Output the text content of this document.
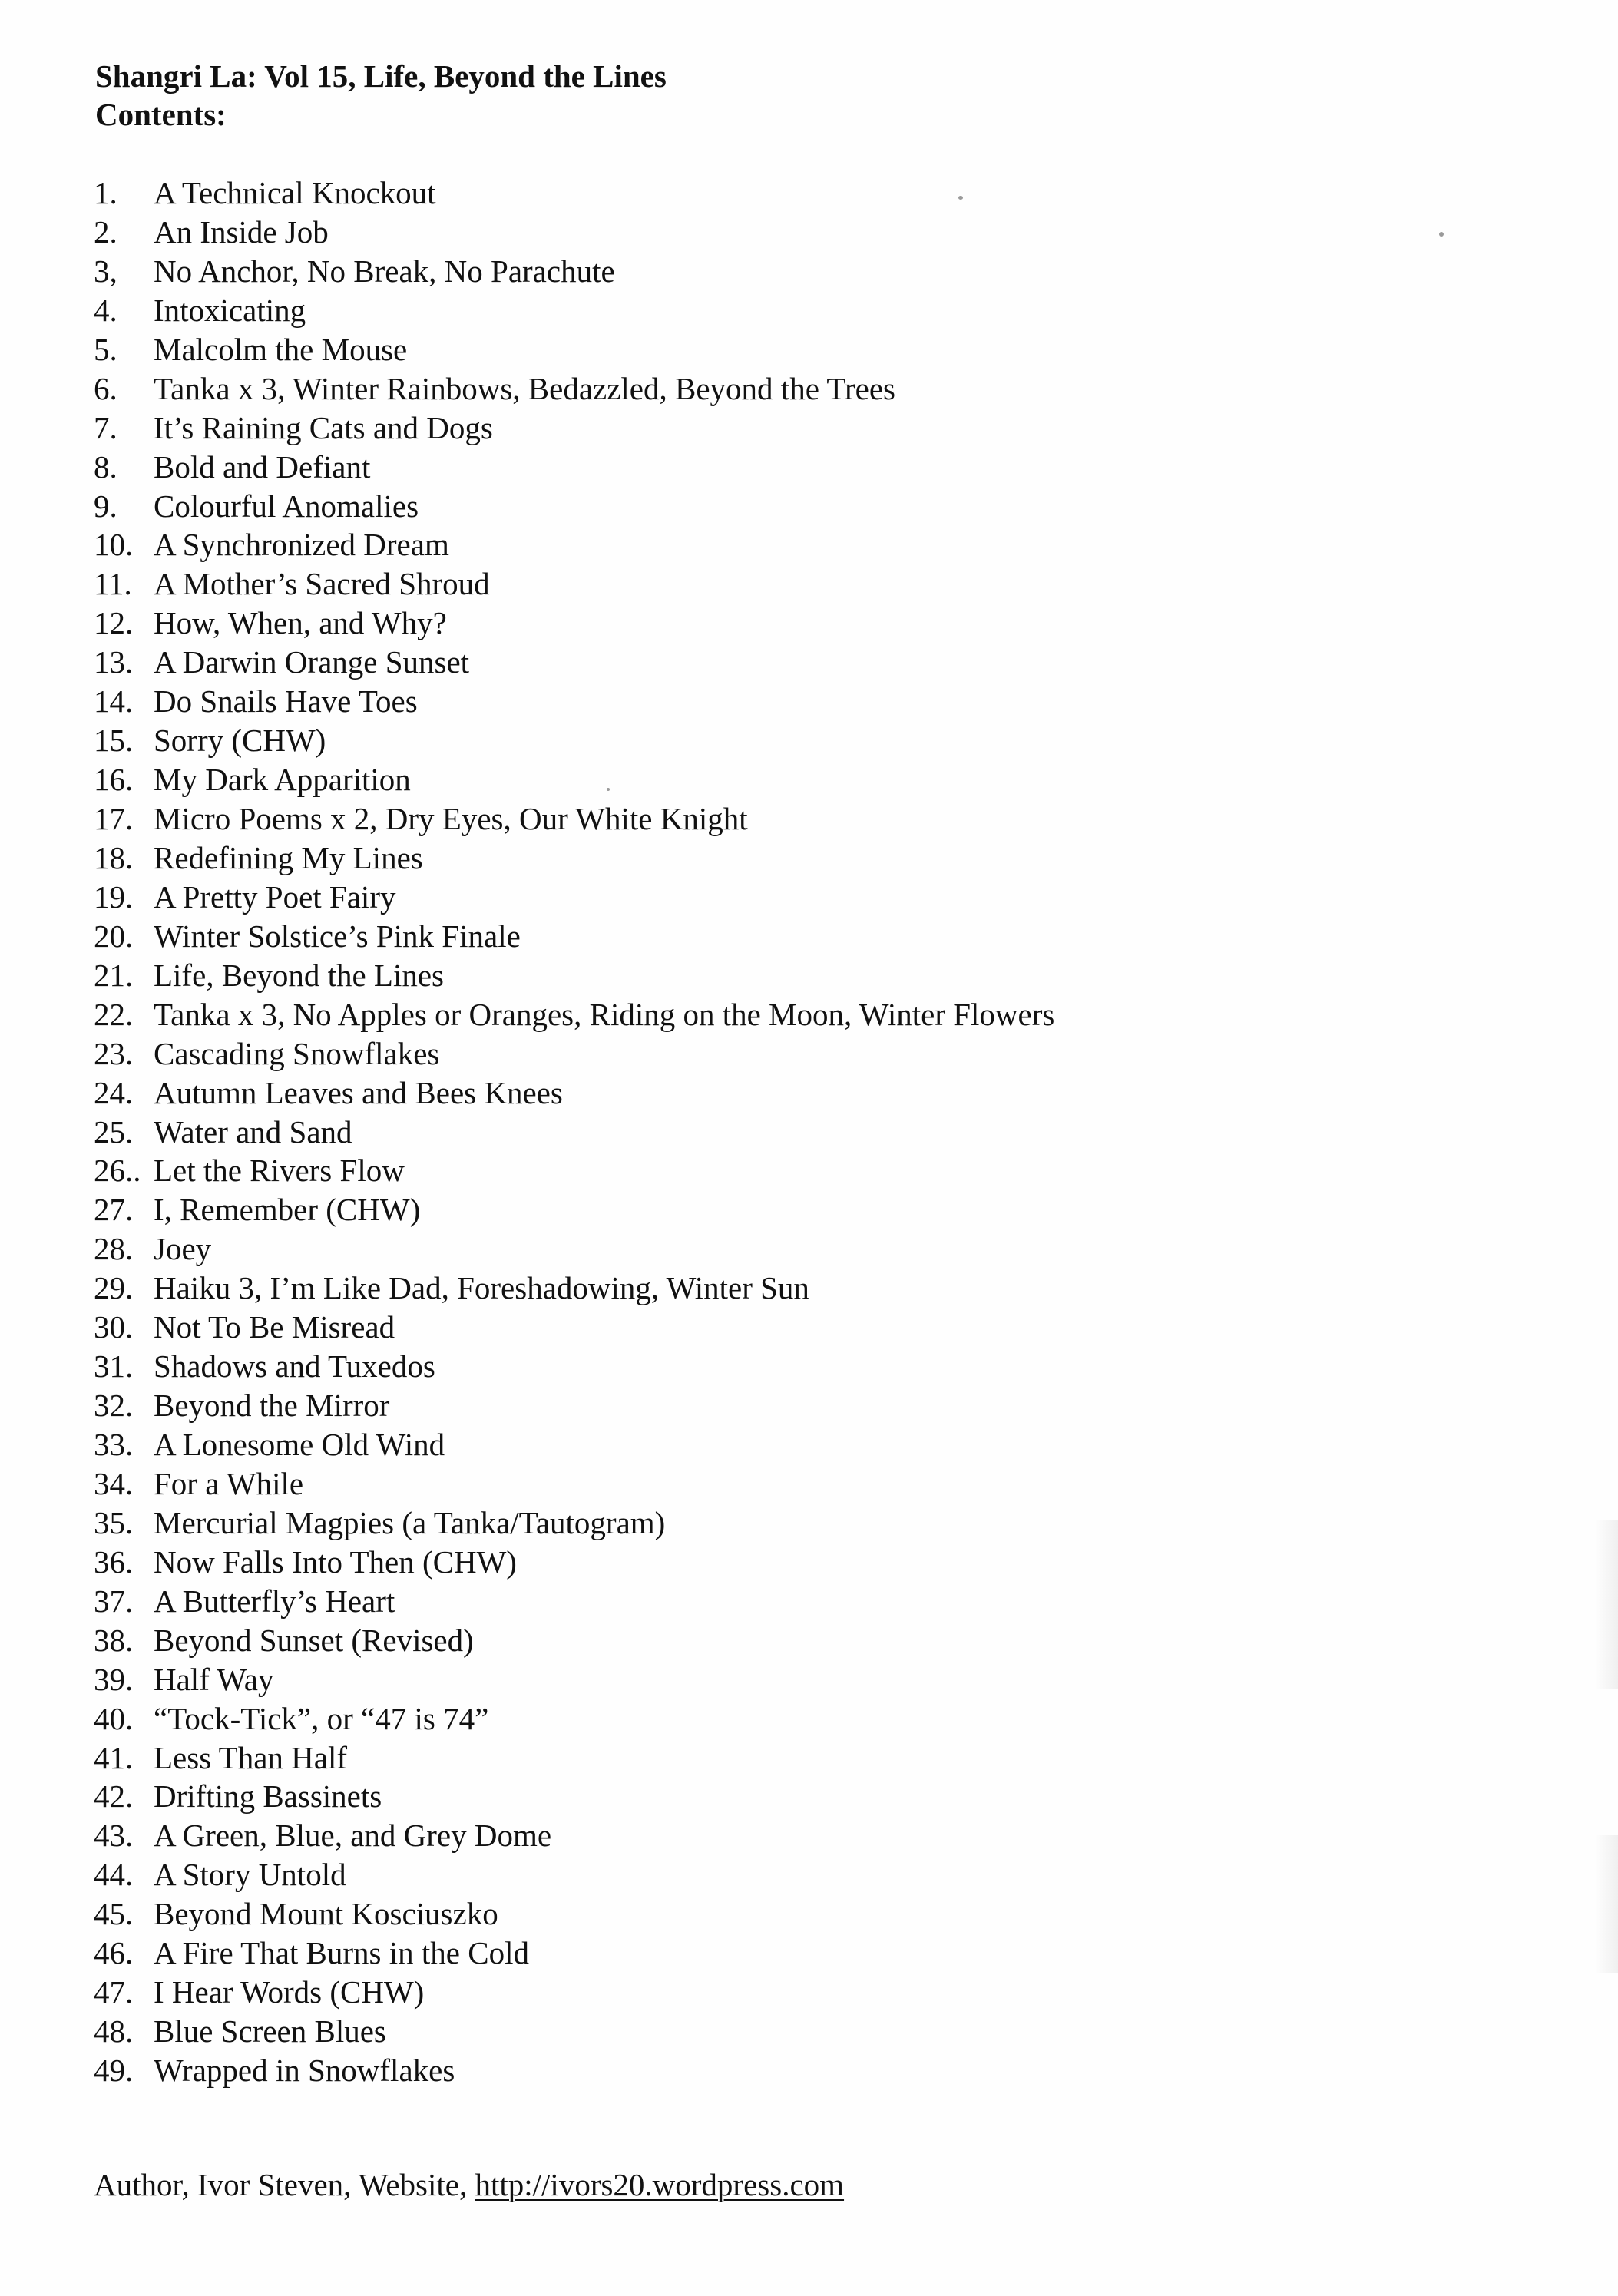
Shangri La: Vol 15, Life, Beyond the Lines
Contents:
1.	A Technical Knockout
2.	An Inside Job
3,	No Anchor, No Break, No Parachute
4.	Intoxicating
5.	Malcolm the Mouse
6.	Tanka x 3, Winter Rainbows, Bedazzled, Beyond the Trees
7.	It’s Raining Cats and Dogs
8.	Bold and Defiant
9.	Colourful Anomalies
10. A Synchronized Dream
11. A Mother’s Sacred Shroud
12. How, When, and Why?
13. A Darwin Orange Sunset
14. Do Snails Have Toes
15. Sorry (CHW)
16. My Dark Apparition
17. Micro Poems x 2, Dry Eyes, Our White Knight
18. Redefining My Lines
19. A Pretty Poet Fairy
20. Winter Solstice’s Pink Finale
21. Life, Beyond the Lines
22. Tanka x 3, No Apples or Oranges, Riding on the Moon, Winter Flowers
23. Cascading Snowflakes
24. Autumn Leaves and Bees Knees
25. Water and Sand
26.. Let the Rivers Flow
27. I, Remember (CHW)
28. Joey
29. Haiku 3, I’m Like Dad, Foreshadowing, Winter Sun
30. Not To Be Misread
31. Shadows and Tuxedos
32. Beyond the Mirror
33. A Lonesome Old Wind
34. For a While
35. Mercurial Magpies (a Tanka/Tautogram)
36. Now Falls Into Then (CHW)
37. A Butterfly’s Heart
38. Beyond Sunset (Revised)
39. Half Way
40. “Tock-Tick”, or “47 is 74”
41. Less Than Half
42. Drifting Bassinets
43. A Green, Blue, and Grey Dome
44. A Story Untold
45. Beyond Mount Kosciuszko
46. A Fire That Burns in the Cold
47. I Hear Words (CHW)
48. Blue Screen Blues
49. Wrapped in Snowflakes
Author, Ivor Steven, Website, http://ivors20.wordpress.com
